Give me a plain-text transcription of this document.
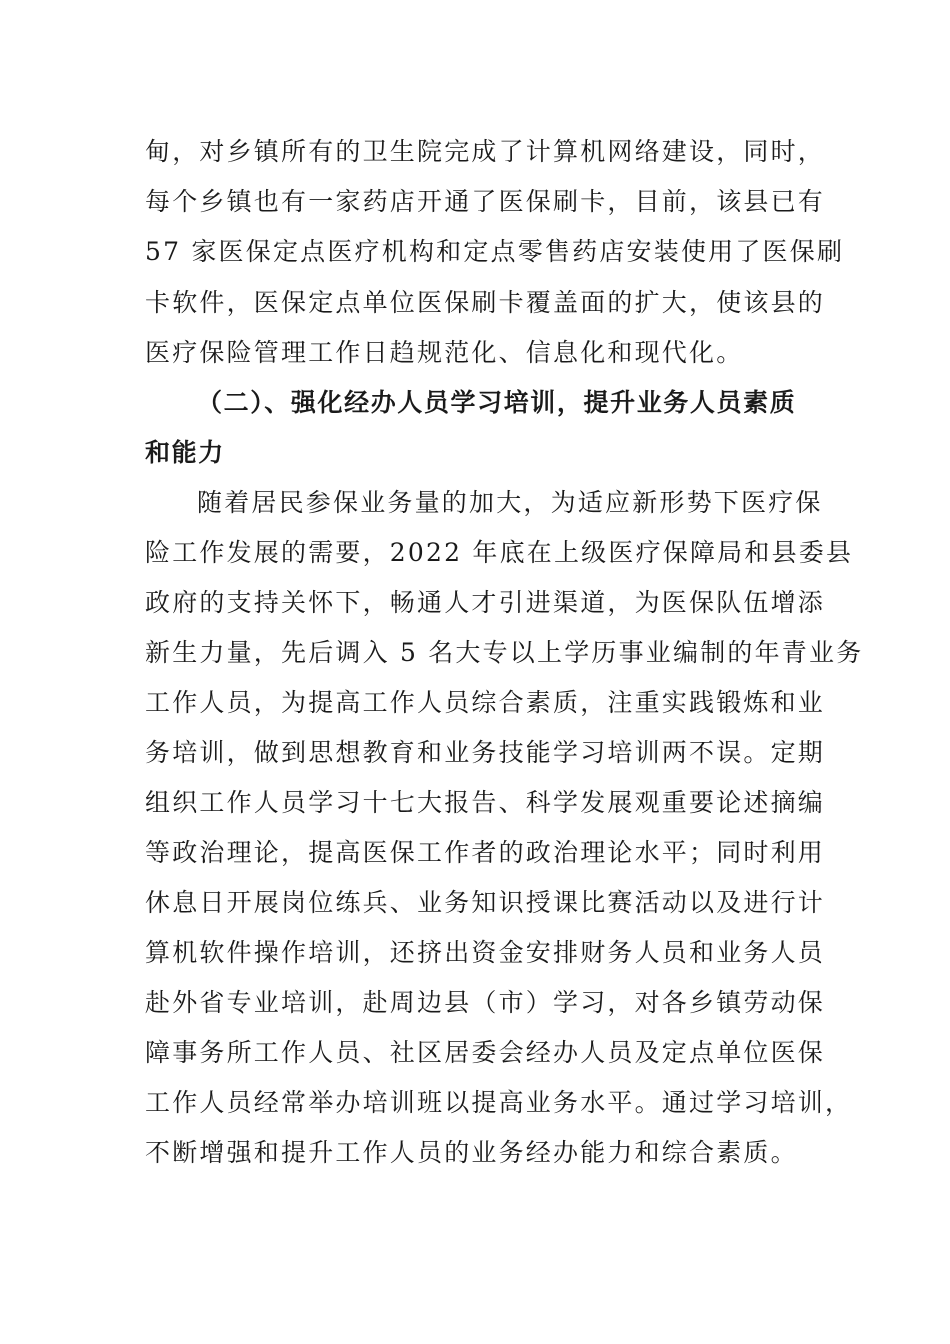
甸，对乡镇所有的卫生院完成了计算机网络建设，同时，
每个乡镇也有一家药店开通了医保刷卡，目前，该县已有
57 家医保定点医疗机构和定点零售药店安装使用了医保刷
卡软件，医保定点单位医保刷卡覆盖面的扩大，使该县的
医疗保险管理工作日趋规范化、信息化和现代化。
（二）、强化经办人员学习培训，提升业务人员素质
和能力
随着居民参保业务量的加大，为适应新形势下医疗保
险工作发展的需要，2022 年底在上级医疗保障局和县委县
政府的支持关怀下，畅通人才引进渠道，为医保队伍增添
新生力量，先后调入 5 名大专以上学历事业编制的年青业务
工作人员，为提高工作人员综合素质，注重实践锻炼和业
务培训，做到思想教育和业务技能学习培训两不误。定期
组织工作人员学习十七大报告、科学发展观重要论述摘编
等政治理论，提高医保工作者的政治理论水平；同时利用
休息日开展岗位练兵、业务知识授课比赛活动以及进行计
算机软件操作培训，还挤出资金安排财务人员和业务人员
赴外省专业培训，赴周边县（市）学习，对各乡镇劳动保
障事务所工作人员、社区居委会经办人员及定点单位医保
工作人员经常举办培训班以提高业务水平。通过学习培训，
不断增强和提升工作人员的业务经办能力和综合素质。
